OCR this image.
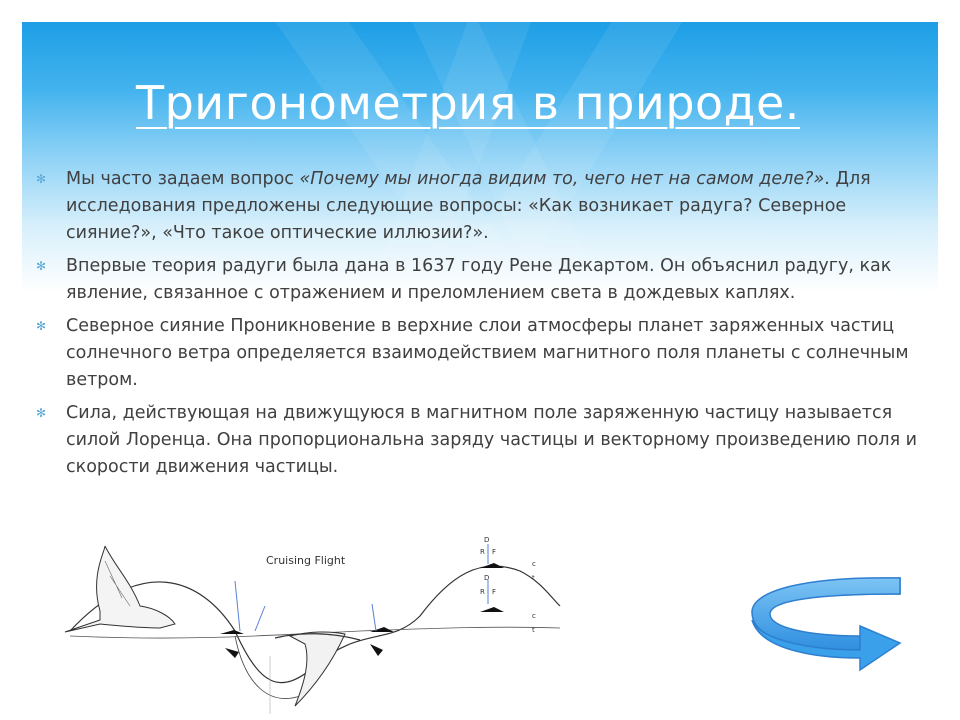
Тригонометрия в природе.
✻ Мы часто задаем вопрос «Почему мы иногда видим то, чего нет на самом деле?». Для исследования предложены следующие вопросы: «Как возникает радуга? Северное сияние?», «Что такое оптические иллюзии?».
✻ Впервые теория радуги была дана в 1637 году Рене Декартом. Он объяснил радугу, как явление, связанное с отражением и преломлением света в дождевых каплях.
✻ Северное сияние Проникновение в верхние слои атмосферы планет заряженных частиц солнечного ветра определяется взаимодействием магнитного поля планеты с солнечным ветром.
✻ Сила, действующая на движущуюся в магнитном поле заряженную частицу называется силой Лоренца. Она пропорциональна заряду частицы и векторному произведению поля и скорости движения частицы.
D
R F
D
R F
c
t
c
t
Cruising Flight
